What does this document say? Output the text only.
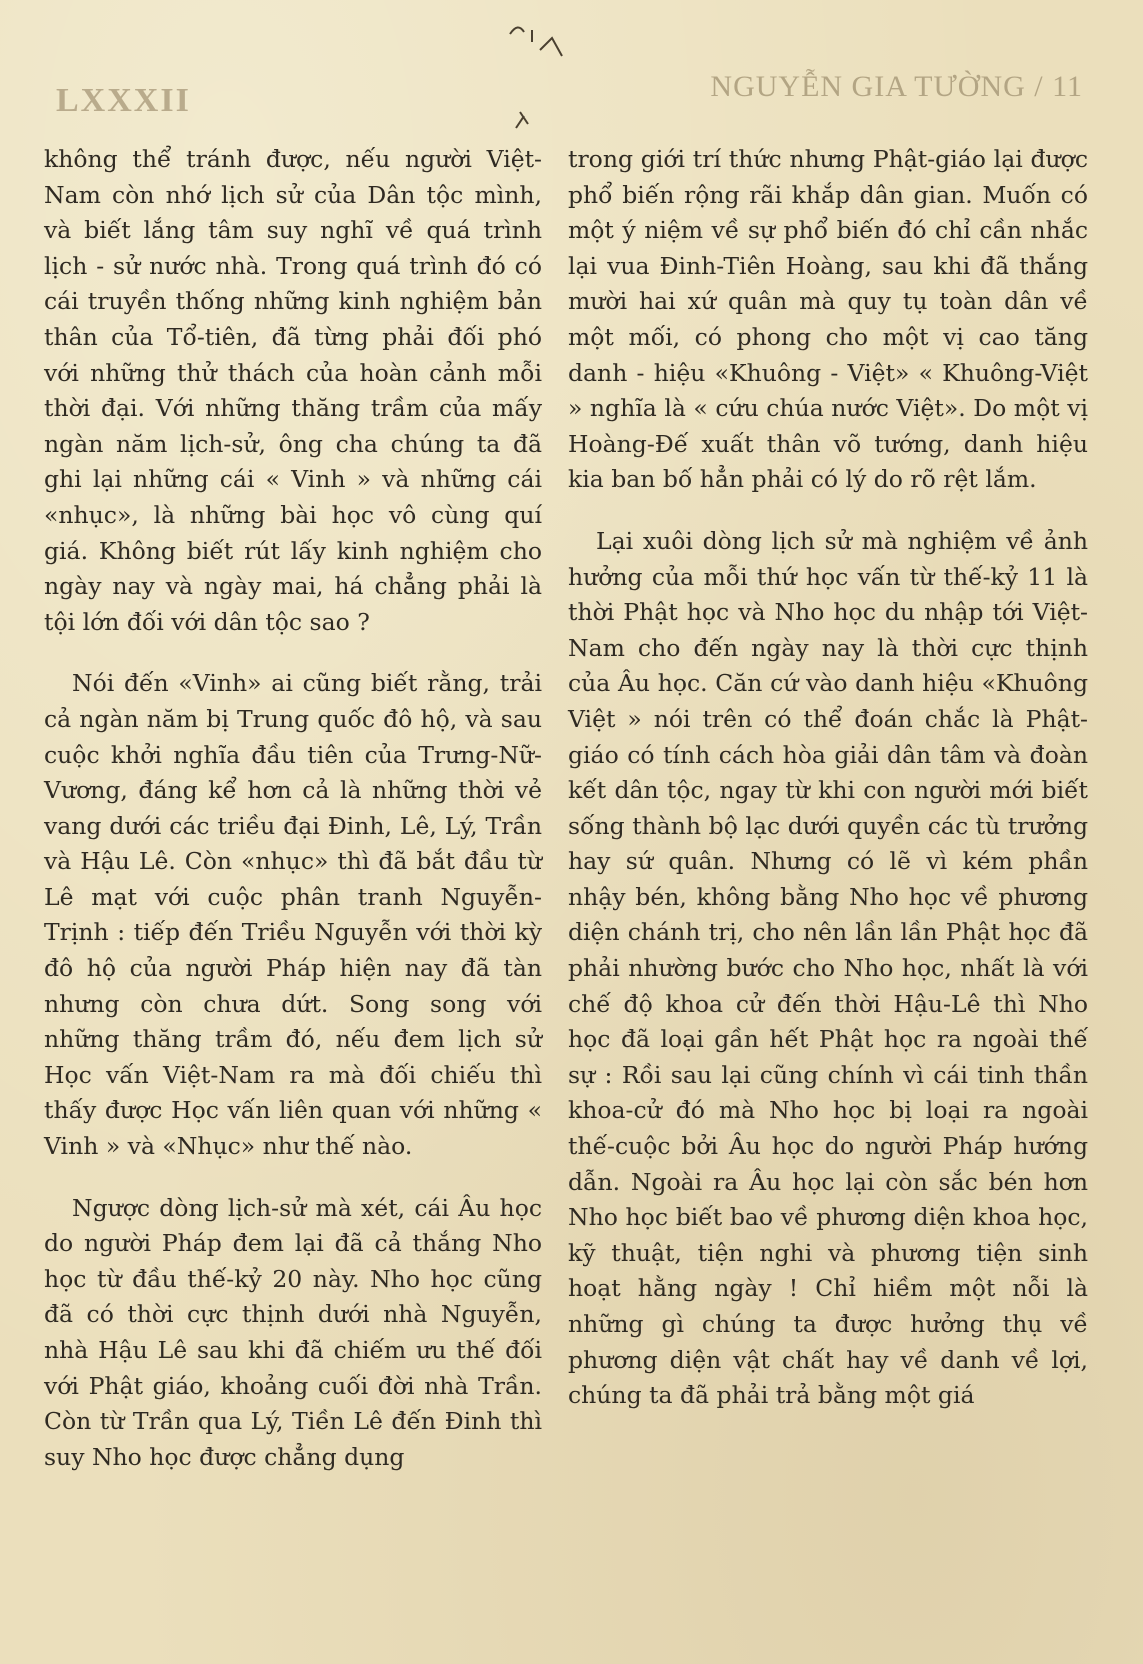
LXXXII	NGUYỄN GIA TƯỜNG / 11

không thể tránh được, nếu người Việt-Nam còn nhớ lịch sử của Dân tộc mình, và biết lắng tâm suy nghĩ về quá trình lịch - sử nước nhà. Trong quá trình đó có cái truyền thống những kinh nghiệm bản thân của Tổ-tiên, đã từng phải đối phó với những thử thách của hoàn cảnh mỗi thời đại. Với những thăng trầm của mấy ngàn năm lịch-sử, ông cha chúng ta đã ghi lại những cái « Vinh » và những cái «nhục», là những bài học vô cùng quí giá. Không biết rút lấy kinh nghiệm cho ngày nay và ngày mai, há chẳng phải là tội lớn đối với dân tộc sao ?

Nói đến «Vinh» ai cũng biết rằng, trải cả ngàn năm bị Trung quốc đô hộ, và sau cuộc khởi nghĩa đầu tiên của Trưng-Nữ-Vương, đáng kể hơn cả là những thời vẻ vang dưới các triều đại Đinh, Lê, Lý, Trần và Hậu Lê. Còn «nhục» thì đã bắt đầu từ Lê mạt với cuộc phân tranh Nguyễn-Trịnh : tiếp đến Triều Nguyễn với thời kỳ đô hộ của người Pháp hiện nay đã tàn nhưng còn chưa dứt. Song song với những thăng trầm đó, nếu đem lịch sử Học vấn Việt-Nam ra mà đối chiếu thì thấy được Học vấn liên quan với những « Vinh » và «Nhục» như thế nào.

Ngược dòng lịch-sử mà xét, cái Âu học do người Pháp đem lại đã cả thắng Nho học từ đầu thế-kỷ 20 này. Nho học cũng đã có thời cực thịnh dưới nhà Nguyễn, nhà Hậu Lê sau khi đã chiếm ưu thế đối với Phật giáo, khoảng cuối đời nhà Trần. Còn từ Trần qua Lý, Tiền Lê đến Đinh thì suy Nho học được chẳng dụng

trong giới trí thức nhưng Phật-giáo lại được phổ biến rộng rãi khắp dân gian. Muốn có một ý niệm về sự phổ biến đó chỉ cần nhắc lại vua Đinh-Tiên Hoàng, sau khi đã thắng mười hai xứ quân mà quy tụ toàn dân về một mối, có phong cho một vị cao tăng danh - hiệu «Khuông - Việt» « Khuông-Việt » nghĩa là « cứu chúa nước Việt». Do một vị Hoàng-Đế xuất thân võ tướng, danh hiệu kia ban bố hẳn phải có lý do rõ rệt lắm.

Lại xuôi dòng lịch sử mà nghiệm về ảnh hưởng của mỗi thứ học vấn từ thế-kỷ 11 là thời Phật học và Nho học du nhập tới Việt-Nam cho đến ngày nay là thời cực thịnh của Âu học. Căn cứ vào danh hiệu «Khuông Việt » nói trên có thể đoán chắc là Phật-giáo có tính cách hòa giải dân tâm và đoàn kết dân tộc, ngay từ khi con người mới biết sống thành bộ lạc dưới quyền các tù trưởng hay sứ quân. Nhưng có lẽ vì kém phần nhậy bén, không bằng Nho học về phương diện chánh trị, cho nên lần lần Phật học đã phải nhường bước cho Nho học, nhất là với chế độ khoa cử đến thời Hậu-Lê thì Nho học đã loại gần hết Phật học ra ngoài thế sự : Rồi sau lại cũng chính vì cái tinh thần khoa-cử đó mà Nho học bị loại ra ngoài thế-cuộc bởi Âu học do người Pháp hướng dẫn. Ngoài ra Âu học lại còn sắc bén hơn Nho học biết bao về phương diện khoa học, kỹ thuật, tiện nghi và phương tiện sinh hoạt hằng ngày ! Chỉ hiềm một nỗi là những gì chúng ta được hưởng thụ về phương diện vật chất hay về danh về lợi, chúng ta đã phải trả bằng một giá
